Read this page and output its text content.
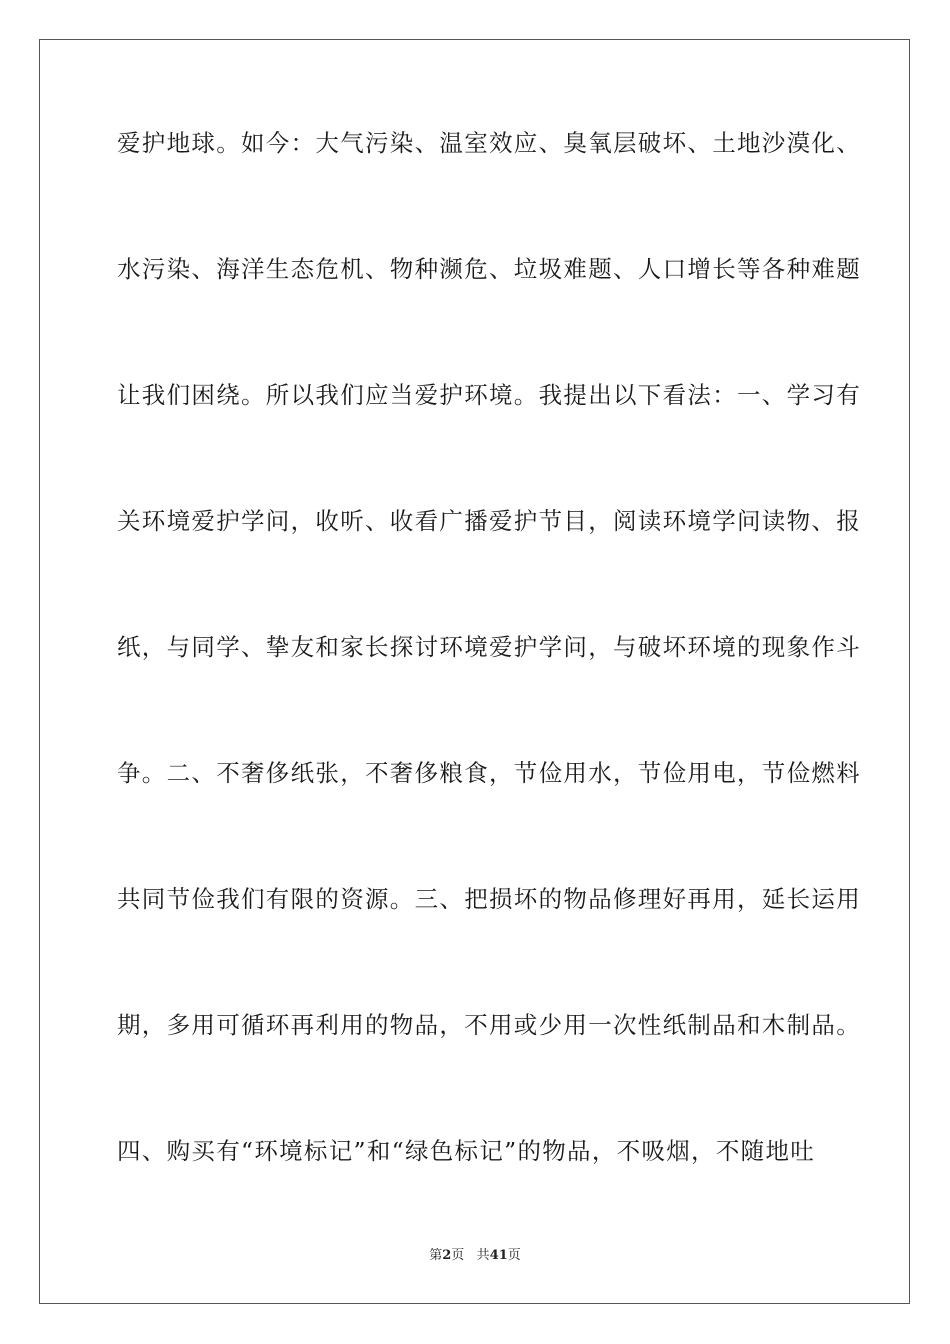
爱护地球。如今：大气污染、温室效应、臭氧层破坏、土地沙漠化、
水污染、海洋生态危机、物种濒危、垃圾难题、人口增长等各种难题
让我们困绕。所以我们应当爱护环境。我提出以下看法：一、学习有
关环境爱护学问，收听、收看广播爱护节目，阅读环境学问读物、报
纸，与同学、挚友和家长探讨环境爱护学问，与破坏环境的现象作斗
争。二、不奢侈纸张，不奢侈粮食，节俭用水，节俭用电，节俭燃料
共同节俭我们有限的资源。三、把损坏的物品修理好再用，延长运用
期，多用可循环再利用的物品，不用或少用一次性纸制品和木制品。
四、购买有“环境标记”和“绿色标记”的物品，不吸烟，不随地吐
第2页 共41页
